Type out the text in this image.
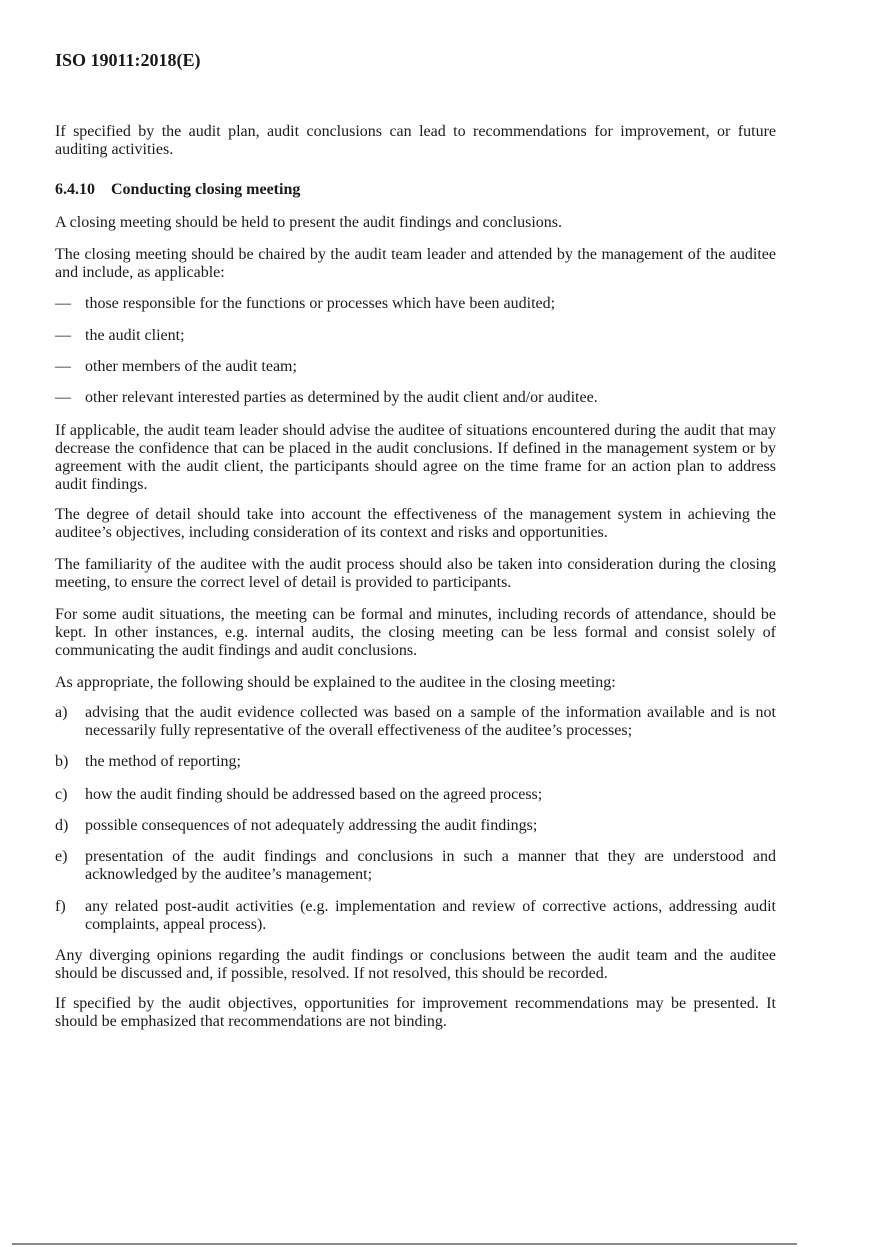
ISO 19011:2018(E)
If specified by the audit plan, audit conclusions can lead to recommendations for improvement, or future auditing activities.
6.4.10 Conducting closing meeting
A closing meeting should be held to present the audit findings and conclusions.
The closing meeting should be chaired by the audit team leader and attended by the management of the auditee and include, as applicable:
— those responsible for the functions or processes which have been audited;
— the audit client;
— other members of the audit team;
— other relevant interested parties as determined by the audit client and/or auditee.
If applicable, the audit team leader should advise the auditee of situations encountered during the audit that may decrease the confidence that can be placed in the audit conclusions. If defined in the management system or by agreement with the audit client, the participants should agree on the time frame for an action plan to address audit findings.
The degree of detail should take into account the effectiveness of the management system in achieving the auditee’s objectives, including consideration of its context and risks and opportunities.
The familiarity of the auditee with the audit process should also be taken into consideration during the closing meeting, to ensure the correct level of detail is provided to participants.
For some audit situations, the meeting can be formal and minutes, including records of attendance, should be kept. In other instances, e.g. internal audits, the closing meeting can be less formal and consist solely of communicating the audit findings and audit conclusions.
As appropriate, the following should be explained to the auditee in the closing meeting:
a) advising that the audit evidence collected was based on a sample of the information available and is not necessarily fully representative of the overall effectiveness of the auditee’s processes;
b) the method of reporting;
c) how the audit finding should be addressed based on the agreed process;
d) possible consequences of not adequately addressing the audit findings;
e) presentation of the audit findings and conclusions in such a manner that they are understood and acknowledged by the auditee’s management;
f) any related post-audit activities (e.g. implementation and review of corrective actions, addressing audit complaints, appeal process).
Any diverging opinions regarding the audit findings or conclusions between the audit team and the auditee should be discussed and, if possible, resolved. If not resolved, this should be recorded.
If specified by the audit objectives, opportunities for improvement recommendations may be presented. It should be emphasized that recommendations are not binding.
